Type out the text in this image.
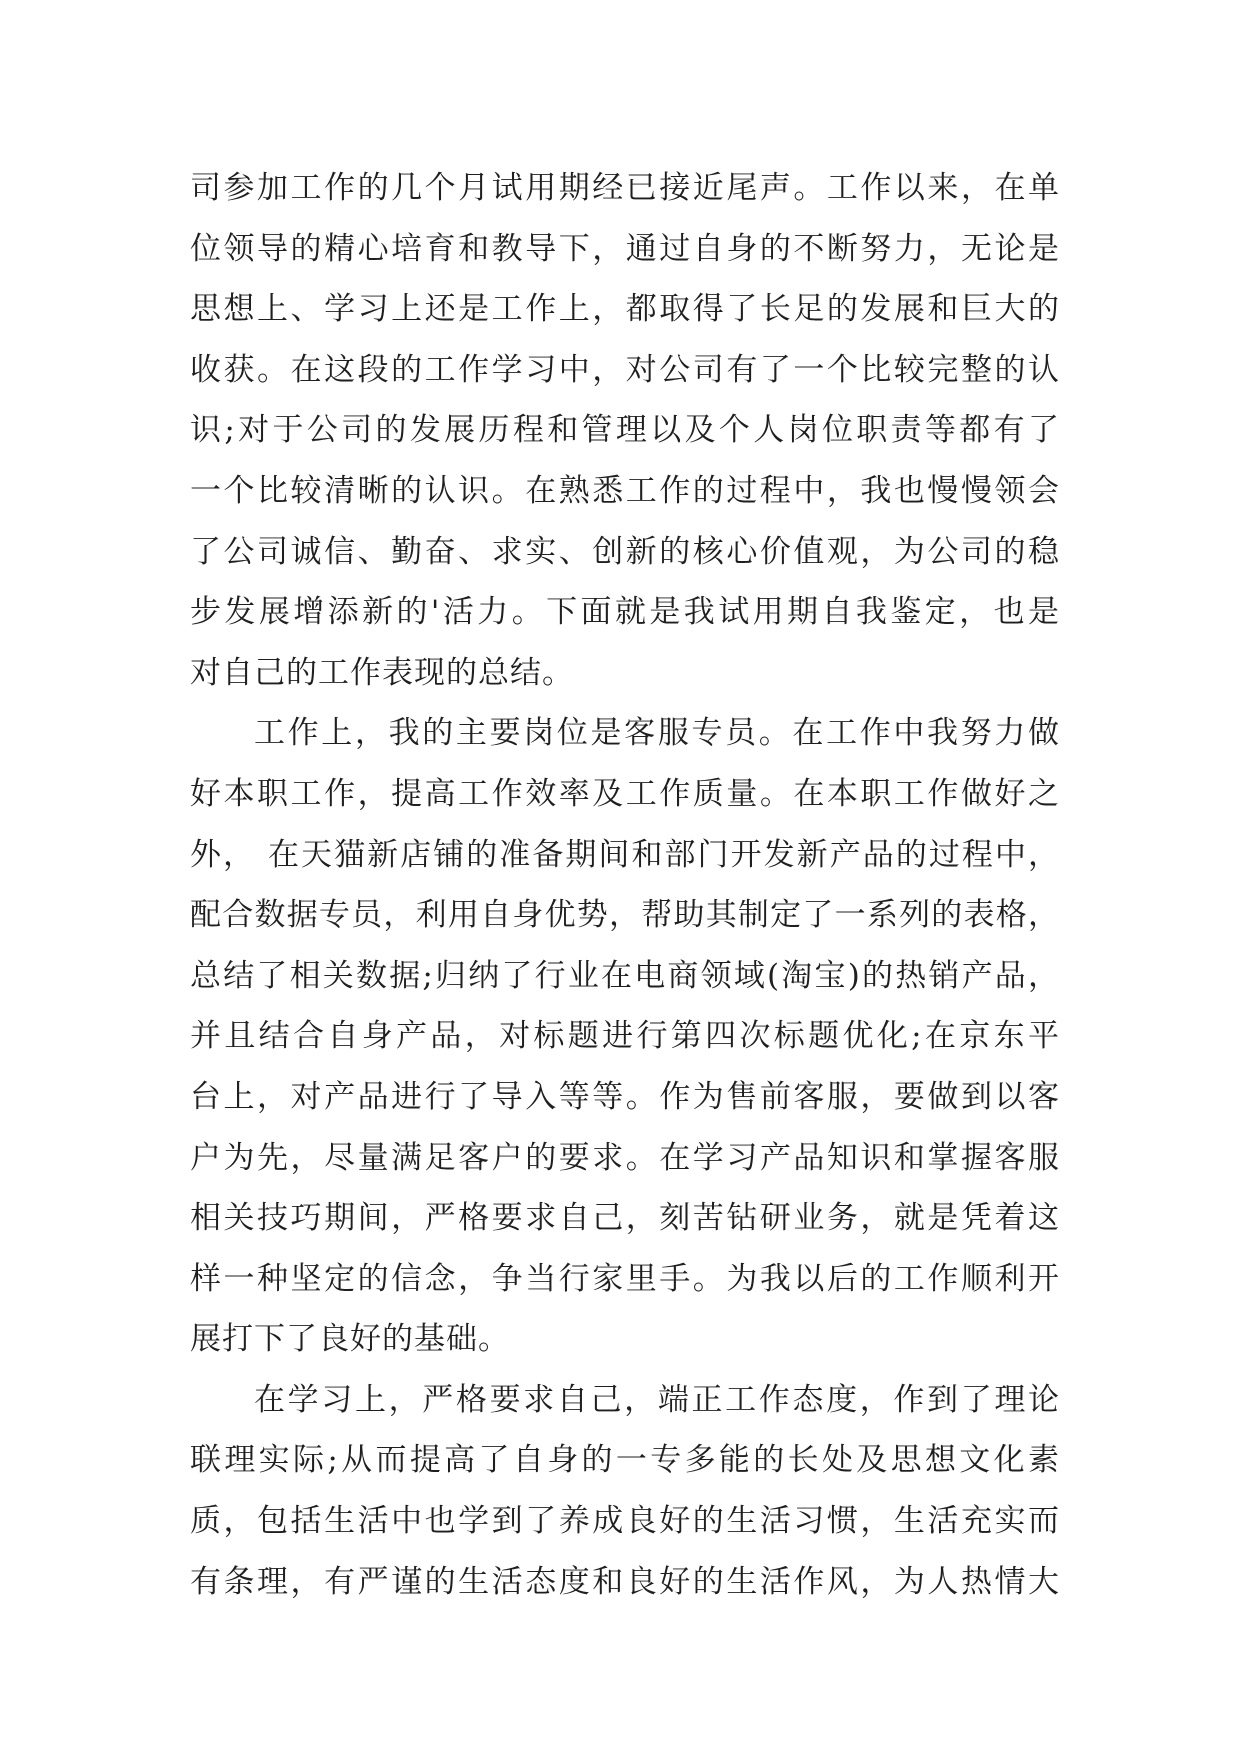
司参加工作的几个月试用期经已接近尾声。工作以来，在单
位领导的精心培育和教导下，通过自身的不断努力，无论是
思想上、学习上还是工作上，都取得了长足的发展和巨大的
收获。在这段的工作学习中，对公司有了一个比较完整的认
识;对于公司的发展历程和管理以及个人岗位职责等都有了
一个比较清晰的认识。在熟悉工作的过程中，我也慢慢领会
了公司诚信、勤奋、求实、创新的核心价值观，为公司的稳
步发展增添新的'活力。下面就是我试用期自我鉴定，也是
对自己的工作表现的总结。
工作上，我的主要岗位是客服专员。在工作中我努力做
好本职工作，提高工作效率及工作质量。在本职工作做好之
外， 在天猫新店铺的准备期间和部门开发新产品的过程中，
配合数据专员，利用自身优势，帮助其制定了一系列的表格，
总结了相关数据;归纳了行业在电商领域(淘宝)的热销产品，
并且结合自身产品，对标题进行第四次标题优化;在京东平
台上，对产品进行了导入等等。作为售前客服，要做到以客
户为先，尽量满足客户的要求。在学习产品知识和掌握客服
相关技巧期间，严格要求自己，刻苦钻研业务，就是凭着这
样一种坚定的信念，争当行家里手。为我以后的工作顺利开
展打下了良好的基础。
在学习上，严格要求自己，端正工作态度，作到了理论
联理实际;从而提高了自身的一专多能的长处及思想文化素
质，包括生活中也学到了养成良好的生活习惯，生活充实而
有条理，有严谨的生活态度和良好的生活作风，为人热情大
